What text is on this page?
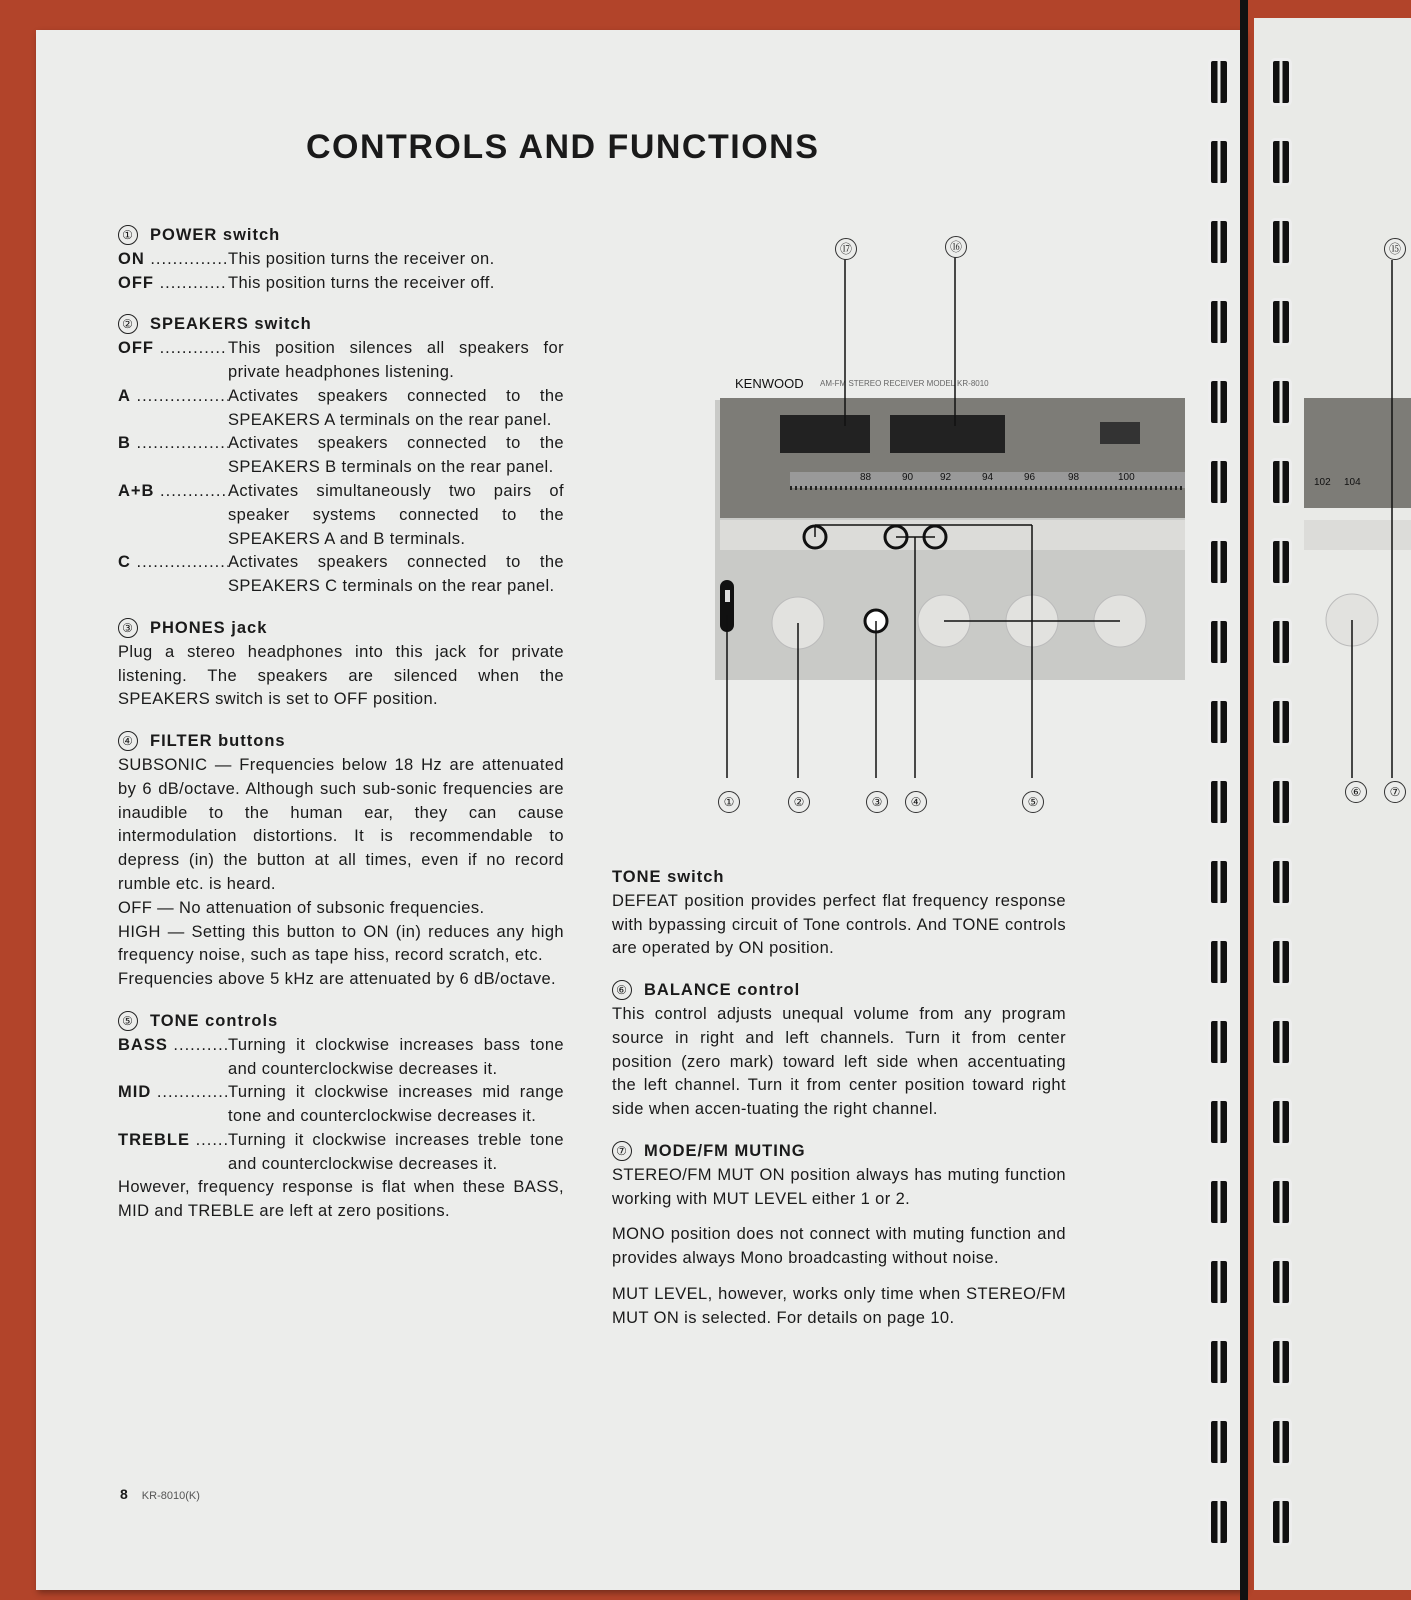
CONTROLS AND FUNCTIONS
① POWER switch
ON .....	This position turns the receiver on.
OFF .....	This position turns the receiver off.
② SPEAKERS switch
OFF .....	This position silences all speakers for private headphones listening.
A .....	Activates speakers connected to the SPEAKERS A terminals on the rear panel.
B .....	Activates speakers connected to the SPEAKERS B terminals on the rear panel.
A+B .....	Activates simultaneously two pairs of speaker systems connected to the SPEAKERS A and B terminals.
C .....	Activates speakers connected to the SPEAKERS C terminals on the rear panel.
③ PHONES jack

Plug a stereo headphones into this jack for private listening. The speakers are silenced when the SPEAKERS switch is set to OFF position.

④ FILTER buttons

SUBSONIC — Frequencies below 18 Hz are attenuated by 6 dB/octave. Although such sub-sonic frequencies are inaudible to the human ear, they can cause intermodulation distortions. It is recommendable to depress (in) the button at all times, even if no record rumble etc. is heard.

OFF — No attenuation of subsonic frequencies.

HIGH — Setting this button to ON (in) reduces any high frequency noise, such as tape hiss, record scratch, etc.

Frequencies above 5 kHz are attenuated by 6 dB/octave.

⑤ TONE controls
BASS .....	Turning it clockwise increases bass tone and counterclockwise decreases it.
MID .....	Turning it clockwise increases mid range tone and counterclockwise decreases it.
TREBLE .....	Turning it clockwise increases treble tone and counterclockwise decreases it.

However, frequency response is flat when these BASS, MID and TREBLE are left at zero positions.

8 KR-8010(K)
TONE switch

DEFEAT position provides perfect flat frequency response with bypassing circuit of Tone controls. And TONE controls are operated by ON position.

⑥ BALANCE control

This control adjusts unequal volume from any program source in right and left channels. Turn it from center position (zero mark) toward left side when accentuating the left channel. Turn it from center position toward right side when accen-tuating the right channel.

⑦ MODE/FM MUTING

STEREO/FM MUT ON position always has muting function working with MUT LEVEL either 1 or 2.

MONO position does not connect with muting function and provides always Mono broadcasting without noise.

MUT LEVEL, however, works only time when STEREO/FM MUT ON is selected. For details on page 10.

KENWOOD AM-FM STEREO RECEIVER MODEL KR-8010
88	90	92	94	96	98	100
①	②	③	④	⑤
⑰	⑯
102 104
⑮
⑥	⑦
